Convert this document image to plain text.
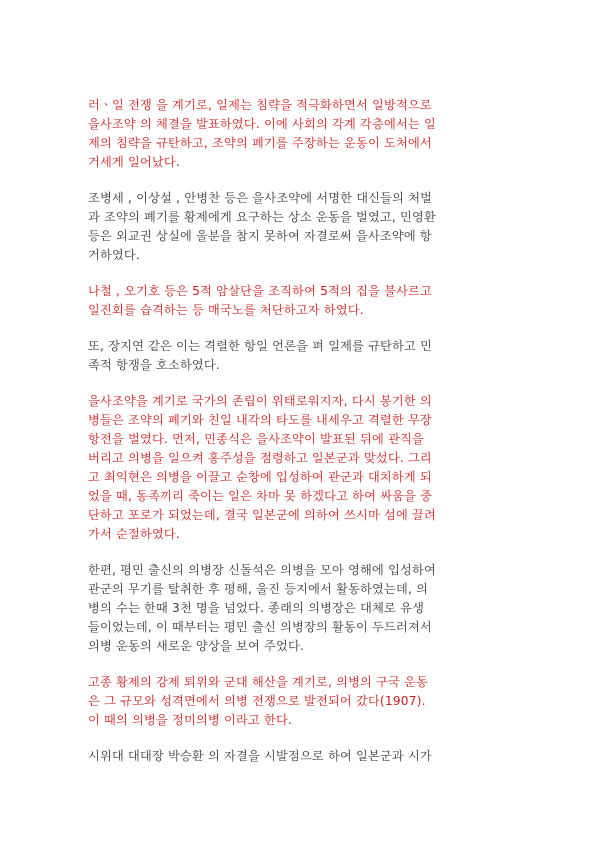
러ㆍ일 전쟁 을 계기로, 일제는 침략을 적극화하면서 일방적으로
을사조약 의 체결을 발표하였다. 이에 사회의 각계 각층에서는 일
제의 침략을 규탄하고, 조약의 폐기를 주장하는 운동이 도처에서
거세게 일어났다.

조병세 , 이상설 , 안병찬 등은 을사조약에 서명한 대신들의 처벌
과 조약의 폐기를 황제에게 요구하는 상소 운동을 벌였고, 민영환
등은 외교권 상실에 울분을 참지 못하여 자결로써 을사조약에 항
거하였다.

나철 , 오기호 등은 5적 암살단을 조직하여 5적의 집을 불사르고
일진회를 습격하는 등 매국노를 처단하고자 하였다.

또, 장지연 같은 이는 격렬한 항일 언론을 펴 일제를 규탄하고 민
족적 항쟁을 호소하였다.

을사조약을 계기로 국가의 존립이 위태로워지자, 다시 봉기한 의
병들은 조약의 폐기와 친일 내각의 타도를 내세우고 격렬한 무장
항전을 벌였다. 먼저, 민종식은 을사조약이 발표된 뒤에 관직을
버리고 의병을 일으켜 홍주성을 점령하고 일본군과 맞섰다. 그리
고 최익현은 의병을 이끌고 순창에 입성하여 관군과 대치하게 되
었을 때, 동족끼리 죽이는 일은 차마 못 하겠다고 하여 싸움을 중
단하고 포로가 되었는데, 결국 일본군에 의하여 쓰시마 섬에 끌려
가서 순절하였다.

한편, 평민 출신의 의병장 신돌석은 의병을 모아 영해에 입성하여
관군의 무기를 탈취한 후 평해, 울진 등지에서 활동하였는데, 의
병의 수는 한때 3천 명을 넘었다. 종래의 의병장은 대체로 유생
들이었는데, 이 때부터는 평민 출신 의병장의 활동이 두드러져서
의병 운동의 새로운 양상을 보여 주었다.

고종 황제의 강제 퇴위와 군대 해산을 계기로, 의병의 구국 운동
은 그 규모와 성격면에서 의병 전쟁으로 발전되어 갔다(1907).
이 때의 의병을 정미의병 이라고 한다.

시위대 대대장 박승환 의 자결을 시발점으로 하여 일본군과 시가
